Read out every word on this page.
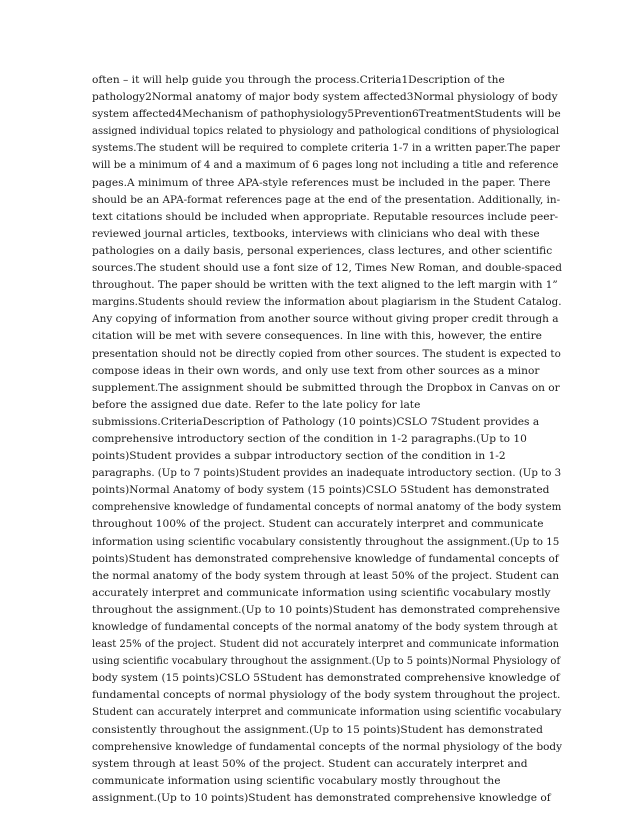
often – it will help guide you through the process.Criteria1Description of the
pathology2Normal anatomy of major body system affected3Normal physiology of body
system affected4Mechanism of pathophysiology5Prevention6TreatmentStudents will be
assigned individual topics related to physiology and pathological conditions of physiological
systems.The student will be required to complete criteria 1-7 in a written paper.The paper
will be a minimum of 4 and a maximum of 6 pages long not including a title and reference
pages.A minimum of three APA-style references must be included in the paper. There
should be an APA-format references page at the end of the presentation. Additionally, in-
text citations should be included when appropriate. Reputable resources include peer-
reviewed journal articles, textbooks, interviews with clinicians who deal with these
pathologies on a daily basis, personal experiences, class lectures, and other scientific
sources.The student should use a font size of 12, Times New Roman, and double-spaced
throughout. The paper should be written with the text aligned to the left margin with 1”
margins.Students should review the information about plagiarism in the Student Catalog.
Any copying of information from another source without giving proper credit through a
citation will be met with severe consequences. In line with this, however, the entire
presentation should not be directly copied from other sources. The student is expected to
compose ideas in their own words, and only use text from other sources as a minor
supplement.The assignment should be submitted through the Dropbox in Canvas on or
before the assigned due date. Refer to the late policy for late
submissions.CriteriaDescription of Pathology (10 points)CSLO 7Student provides a
comprehensive introductory section of the condition in 1-2 paragraphs.(Up to 10
points)Student provides a subpar introductory section of the condition in 1-2
paragraphs. (Up to 7 points)Student provides an inadequate introductory section. (Up to 3
points)Normal Anatomy of body system (15 points)CSLO 5Student has demonstrated
comprehensive knowledge of fundamental concepts of normal anatomy of the body system
throughout 100% of the project. Student can accurately interpret and communicate
information using scientific vocabulary consistently throughout the assignment.(Up to 15
points)Student has demonstrated comprehensive knowledge of fundamental concepts of
the normal anatomy of the body system through at least 50% of the project. Student can
accurately interpret and communicate information using scientific vocabulary mostly
throughout the assignment.(Up to 10 points)Student has demonstrated comprehensive
knowledge of fundamental concepts of the normal anatomy of the body system through at
least 25% of the project. Student did not accurately interpret and communicate information
using scientific vocabulary throughout the assignment.(Up to 5 points)Normal Physiology of
body system (15 points)CSLO 5Student has demonstrated comprehensive knowledge of
fundamental concepts of normal physiology of the body system throughout the project.
Student can accurately interpret and communicate information using scientific vocabulary
consistently throughout the assignment.(Up to 15 points)Student has demonstrated
comprehensive knowledge of fundamental concepts of the normal physiology of the body
system through at least 50% of the project. Student can accurately interpret and
communicate information using scientific vocabulary mostly throughout the
assignment.(Up to 10 points)Student has demonstrated comprehensive knowledge of
